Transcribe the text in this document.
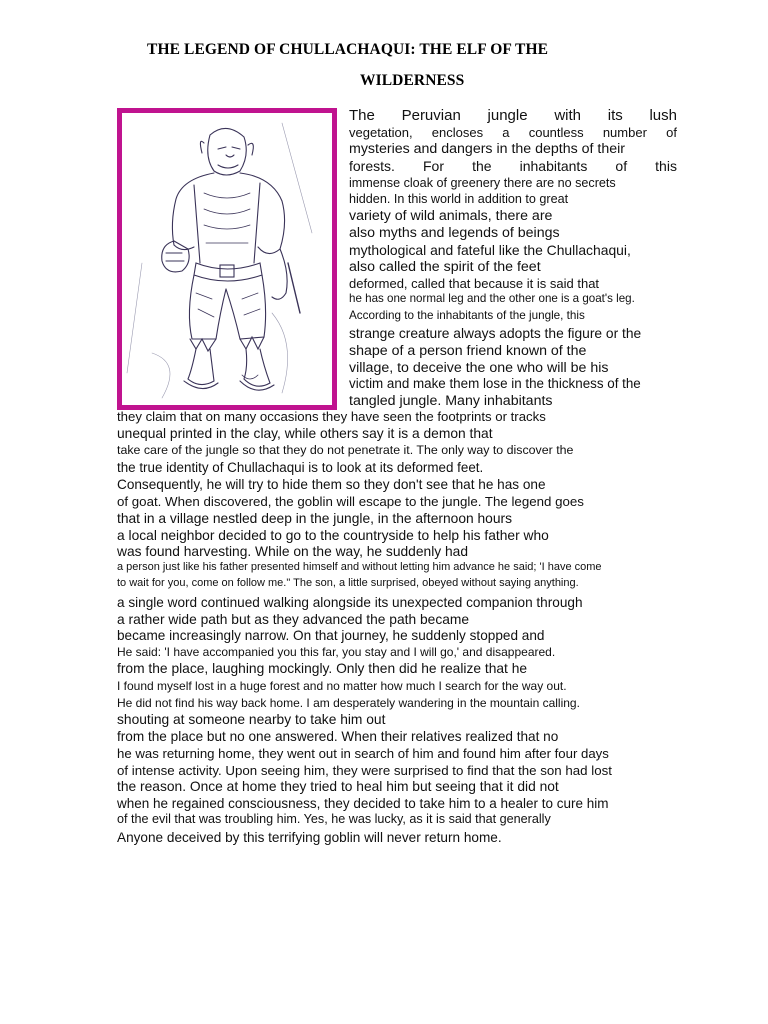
THE LEGEND OF CHULLACHAQUI: THE ELF OF THE
WILDERNESS
The Peruvian jungle with its lush
vegetation, encloses a countless number of
mysteries and dangers in the depths of their
forests. For the inhabitants of this
immense cloak of greenery there are no secrets
hidden. In this world in addition to great
variety of wild animals, there are
also myths and legends of beings
mythological and fateful like the Chullachaqui,
also called the spirit of the feet
deformed, called that because it is said that
he has one normal leg and the other one is a goat's leg.
According to the inhabitants of the jungle, this
strange creature always adopts the figure or the
shape of a person friend known of the
village, to deceive the one who will be his
victim and make them lose in the thickness of the
tangled jungle. Many inhabitants
they claim that on many occasions they have seen the footprints or tracks
unequal printed in the clay, while others say it is a demon that
take care of the jungle so that they do not penetrate it. The only way to discover the
the true identity of Chullachaqui is to look at its deformed feet.
Consequently, he will try to hide them so they don't see that he has one
of goat. When discovered, the goblin will escape to the jungle. The legend goes
that in a village nestled deep in the jungle, in the afternoon hours
a local neighbor decided to go to the countryside to help his father who
was found harvesting. While on the way, he suddenly had
a person just like his father presented himself and without letting him advance he said; 'I have come
to wait for you, come on follow me." The son, a little surprised, obeyed without saying anything.
a single word continued walking alongside its unexpected companion through
a rather wide path but as they advanced the path became
became increasingly narrow. On that journey, he suddenly stopped and
He said: 'I have accompanied you this far, you stay and I will go,' and disappeared.
from the place, laughing mockingly. Only then did he realize that he
I found myself lost in a huge forest and no matter how much I search for the way out.
He did not find his way back home. I am desperately wandering in the mountain calling.
shouting at someone nearby to take him out
from the place but no one answered. When their relatives realized that no
he was returning home, they went out in search of him and found him after four days
of intense activity. Upon seeing him, they were surprised to find that the son had lost
the reason. Once at home they tried to heal him but seeing that it did not
when he regained consciousness, they decided to take him to a healer to cure him
of the evil that was troubling him. Yes, he was lucky, as it is said that generally
Anyone deceived by this terrifying goblin will never return home.
